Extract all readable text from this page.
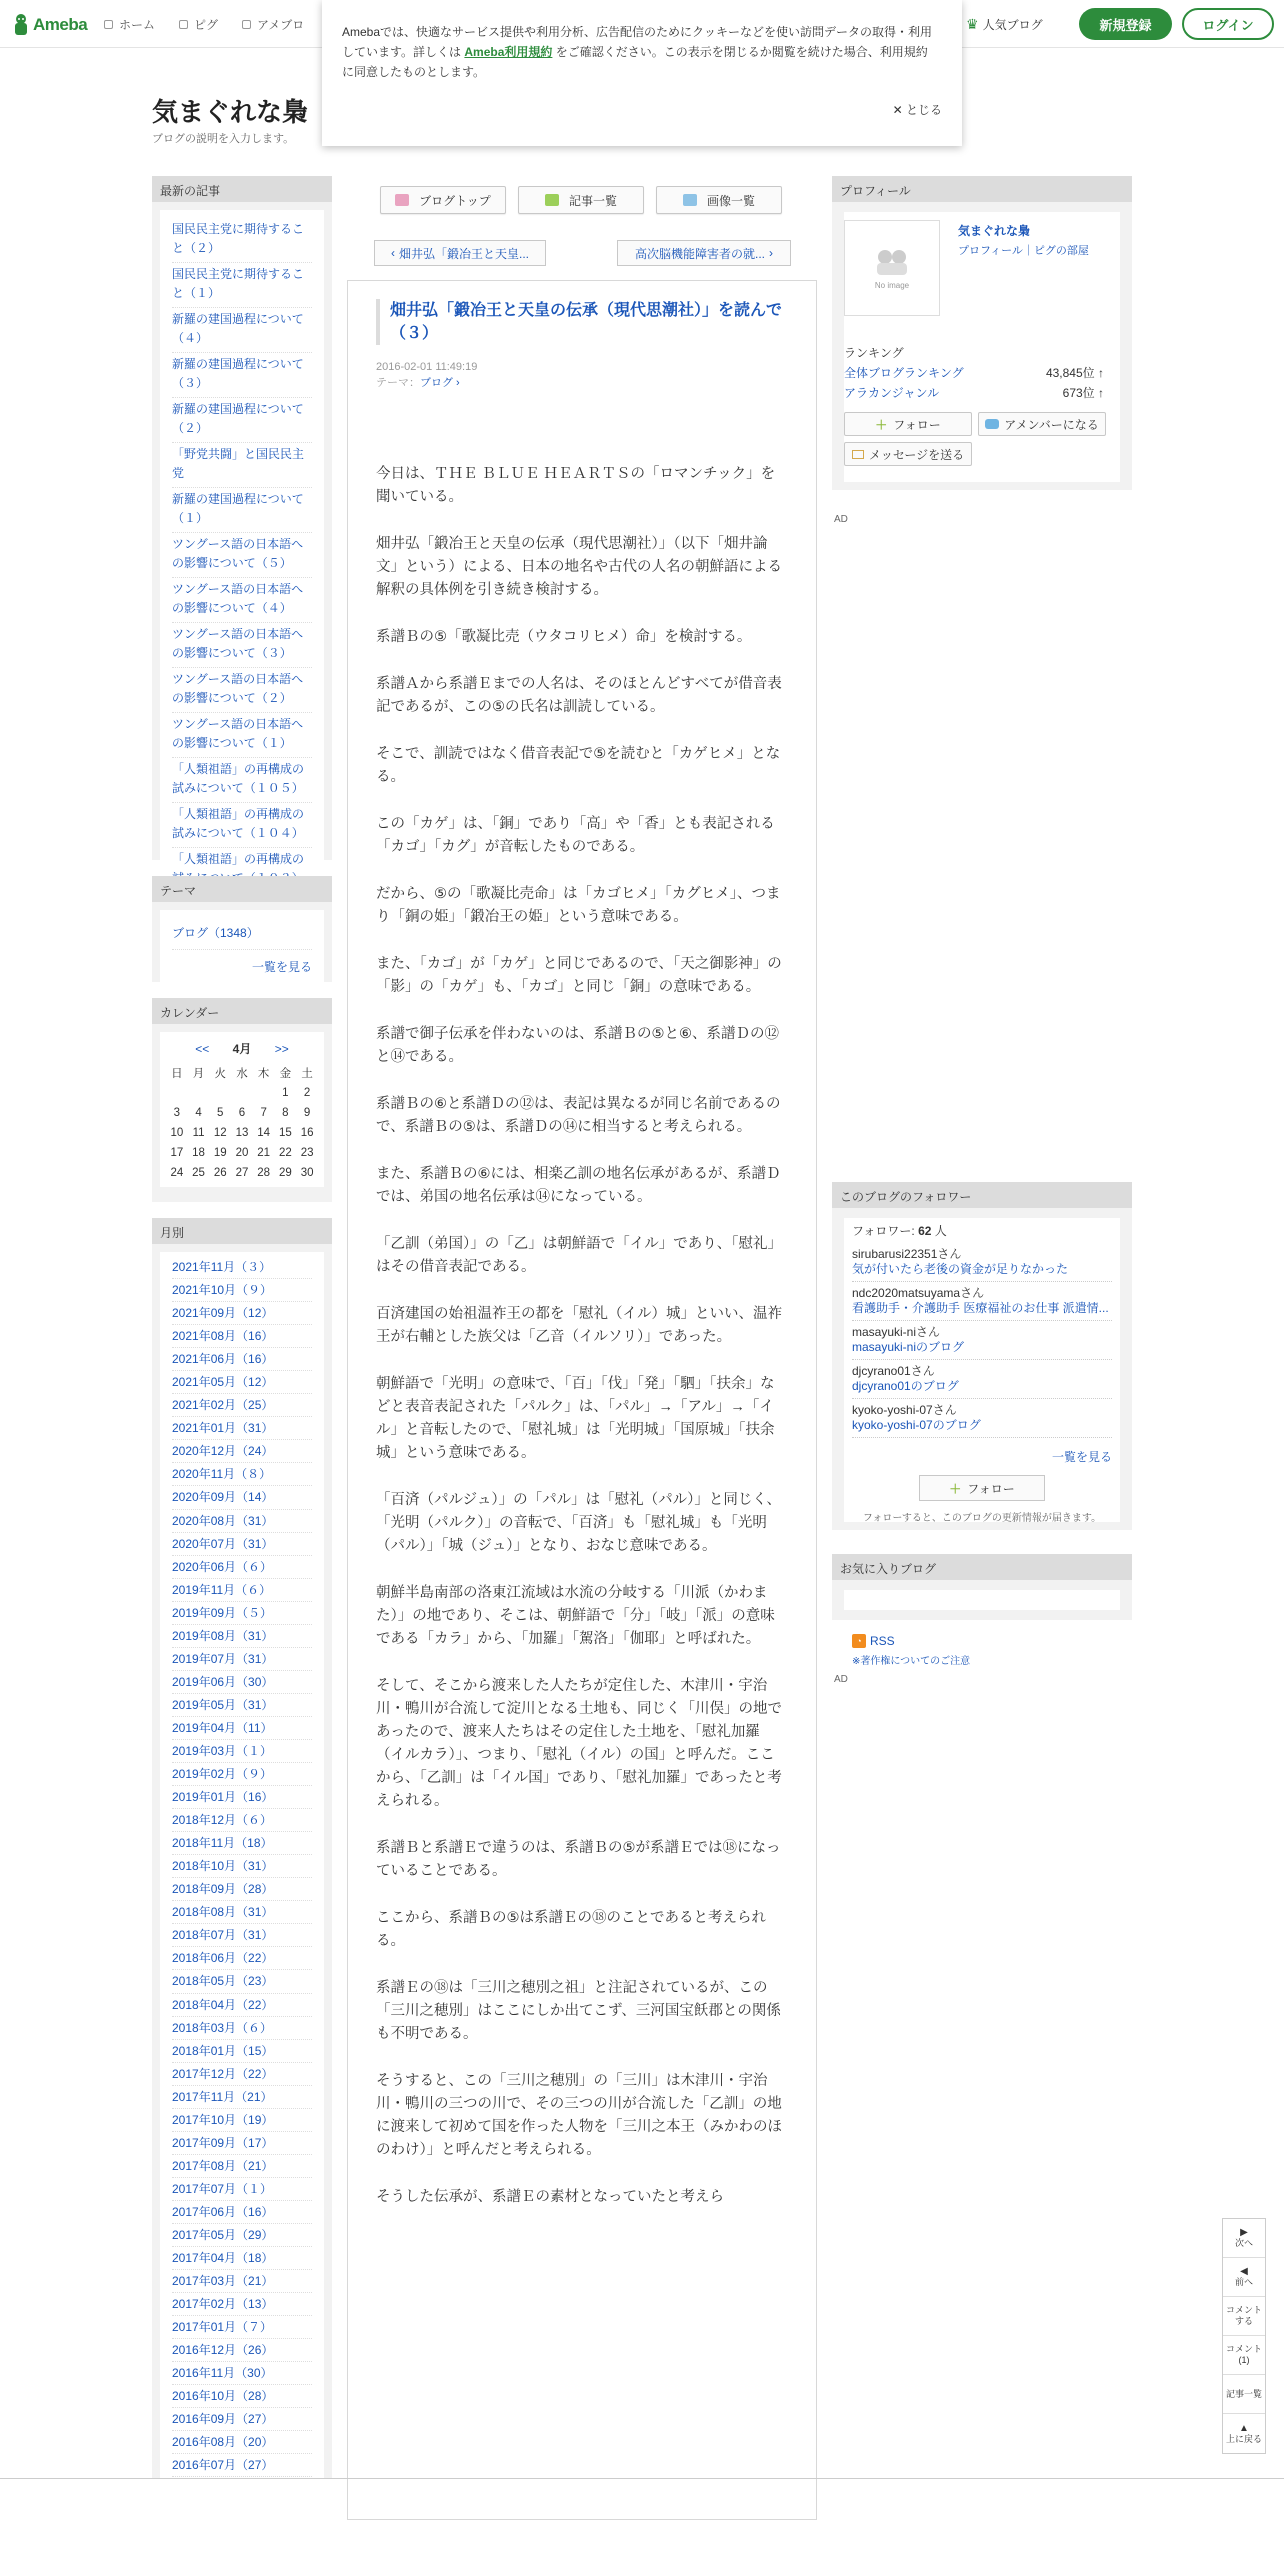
Ameba	ホーム	ピグ	アメブロ	♛ 人気ブログ	新規登録	ログイン
Amebaでは、快適なサービス提供や利用分析、広告配信のためにクッキーなどを使い訪問データの取得・利用しています。詳しくは Ameba利用規約 をご確認ください。この表示を閉じるか閲覧を続けた場合、利用規約に同意したものとします。
✕ とじる
気まぐれな梟
ブログの説明を入力します。
最新の記事
国民民主党に期待すること（２）
国民民主党に期待すること（１）
新羅の建国過程について（４）
新羅の建国過程について（３）
新羅の建国過程について（２）
「野党共闘」と国民民主党
新羅の建国過程について（１）
ツングース語の日本語への影響について（５）
ツングース語の日本語への影響について（４）
ツングース語の日本語への影響について（３）
ツングース語の日本語への影響について（２）
ツングース語の日本語への影響について（１）
「人類祖語」の再構成の試みについて（１０５）
「人類祖語」の再構成の試みについて（１０４）
「人類祖語」の再構成の
テーマ
ブログ（1348）
一覧を見る
カレンダー
<< 4月 >>
日	月	火	水	木	金	土
					1	2
3	4	5	6	7	8	9
10	11	12	13	14	15	16
17	18	19	20	21	22	23
24	25	26	27	28	29	30
月別
2021年11月（３）
2021年10月（９）
2021年09月（12）
2021年08月（16）
2021年06月（16）
2021年05月（12）
2021年02月（25）
2021年01月（31）
2020年12月（24）
2020年11月（８）
2020年09月（14）
2020年08月（31）
2020年07月（31）
2020年06月（６）
2019年11月（６）
2019年09月（５）
2019年08月（31）
2019年07月（31）
2019年06月（30）
2019年05月（31）
2019年04月（11）
2019年03月（１）
2019年02月（９）
2019年01月（16）
2018年12月（６）
2018年11月（18）
2018年10月（31）
2018年09月（28）
2018年08月（31）
2018年07月（31）
2018年06月（22）
2018年05月（23）
2018年04月（22）
2018年03月（６）
2018年01月（15）
2017年12月（22）
2017年11月（21）
2017年10月（19）
2017年09月（17）
2017年08月（21）
2017年07月（１）
2017年06月（16）
2017年05月（29）
2017年04月（18）
2017年03月（21）
2017年02月（13）
2017年01月（７）
2016年12月（26）
2016年11月（30）
2016年10月（28）
2016年09月（27）
2016年08月（20）
2016年07月（27）
ブログトップ	記事一覧	画像一覧
‹ 畑井弘「鍛冶王と天皇...	高次脳機能障害者の就... ›
畑井弘「鍛冶王と天皇の伝承（現代思潮社）」を読んで（３）
2016-02-01 11:49:19
テーマ：ブログ ›

今日は、ＴＨＥ ＢＬＵＥ ＨＥＡＲＴＳの「ロマンチック」を聞いている。

畑井弘「鍛冶王と天皇の伝承（現代思潮社）」（以下「畑井論文」という）による、日本の地名や古代の人名の朝鮮語による解釈の具体例を引き続き検討する。

系譜Ｂの⑤「歌凝比売（ウタコリヒメ）命」を検討する。

系譜Ａから系譜Ｅまでの人名は、そのほとんどすべてが借音表記であるが、この⑤の氏名は訓読している。

そこで、訓読ではなく借音表記で⑤を読むと「カゲヒメ」となる。

この「カゲ」は、「銅」であり「高」や「香」とも表記される「カゴ」「カグ」が音転したものである。

だから、⑤の「歌凝比売命」は「カゴヒメ」「カグヒメ」、つまり「銅の姫」「鍛冶王の姫」という意味である。

また、「カゴ」が「カゲ」と同じであるので、「天之御影神」の「影」の「カゲ」も、「カゴ」と同じ「銅」の意味である。

系譜で御子伝承を伴わないのは、系譜Ｂの⑤と⑥、系譜Ｄの⑫と⑭である。

系譜Ｂの⑥と系譜Ｄの⑫は、表記は異なるが同じ名前であるので、系譜Ｂの⑤は、系譜Ｄの⑭に相当すると考えられる。

また、系譜Ｂの⑥には、相楽乙訓の地名伝承があるが、系譜Ｄでは、弟国の地名伝承は⑭になっている。

「乙訓（弟国）」の「乙」は朝鮮語で「イル」であり、「慰礼」はその借音表記である。

百済建国の始祖温祚王の都を「慰礼（イル）城」といい、温祚王が右輔とした族父は「乙音（イルソリ）」であった。

朝鮮語で「光明」の意味で、「百」「伐」「発」「駟」「扶余」などと表音表記された「パルク」は、「パル」→「アル」→「イル」と音転したので、「慰礼城」は「光明城」「国原城」「扶余城」という意味である。

「百済（パルジュ）」の「パル」は「慰礼（パル）」と同じく、「光明（パルク）」の音転で、「百済」も「慰礼城」も「光明（パル）」「城（ジュ）」となり、おなじ意味である。

朝鮮半島南部の洛東江流域は水流の分岐する「川派（かわまた）」の地であり、そこは、朝鮮語で「分」「岐」「派」の意味である「カラ」から、「加羅」「駕洛」「伽耶」と呼ばれた。

そして、そこから渡来した人たちが定住した、木津川・宇治川・鴨川が合流して淀川となる土地も、同じく「川俣」の地であったので、渡来人たちはその定住した土地を、「慰礼加羅（イルカラ）」、つまり、「慰礼（イル）の国」と呼んだ。ここから、「乙訓」は「イル国」であり、「慰礼加羅」であったと考えられる。

系譜Ｂと系譜Ｅで違うのは、系譜Ｂの⑤が系譜Ｅでは⑱になっていることである。

ここから、系譜Ｂの⑤は系譜Ｅの⑱のことであると考えられる。

系譜Ｅの⑱は「三川之穂別之祖」と注記されているが、この「三川之穂別」はここにしか出てこず、三河国宝飫郡との関係も不明である。

そうすると、この「三川之穂別」の「三川」は木津川・宇治川・鴨川の三つの川で、その三つの川が合流した「乙訓」の地に渡来して初めて国を作った人物を「三川之本王（みかわのほのわけ）」と呼んだと考えられる。

そうした伝承が、系譜Ｅの素材となっていたと考えら

プロフィール
No image
気まぐれな梟
プロフィール｜ピグの部屋
ランキング
全体ブログランキング	43,845位 ↑
アラカンジャンル	673位 ↑
＋ フォロー	アメンバーになる
メッセージを送る
AD
このブログのフォロワー
フォロワー: 62 人
sirubarusi22351さん
気が付いたら老後の資金が足りなかった
ndc2020matsuyamaさん
看護助手・介護助手 医療福祉のお仕事 派遣情...
masayuki-niさん
masayuki-niのブログ
djcyrano01さん
djcyrano01のブログ
kyoko-yoshi-07さん
kyoko-yoshi-07のブログ
一覧を見る
＋ フォロー
フォローすると、このブログの更新情報が届きます。
お気に入りブログ
◔ RSS
※著作権についてのご注意
AD
▶
次へ
◀
前へ
コメント する
コメント (1)
記事一覧
▲
上に戻る
